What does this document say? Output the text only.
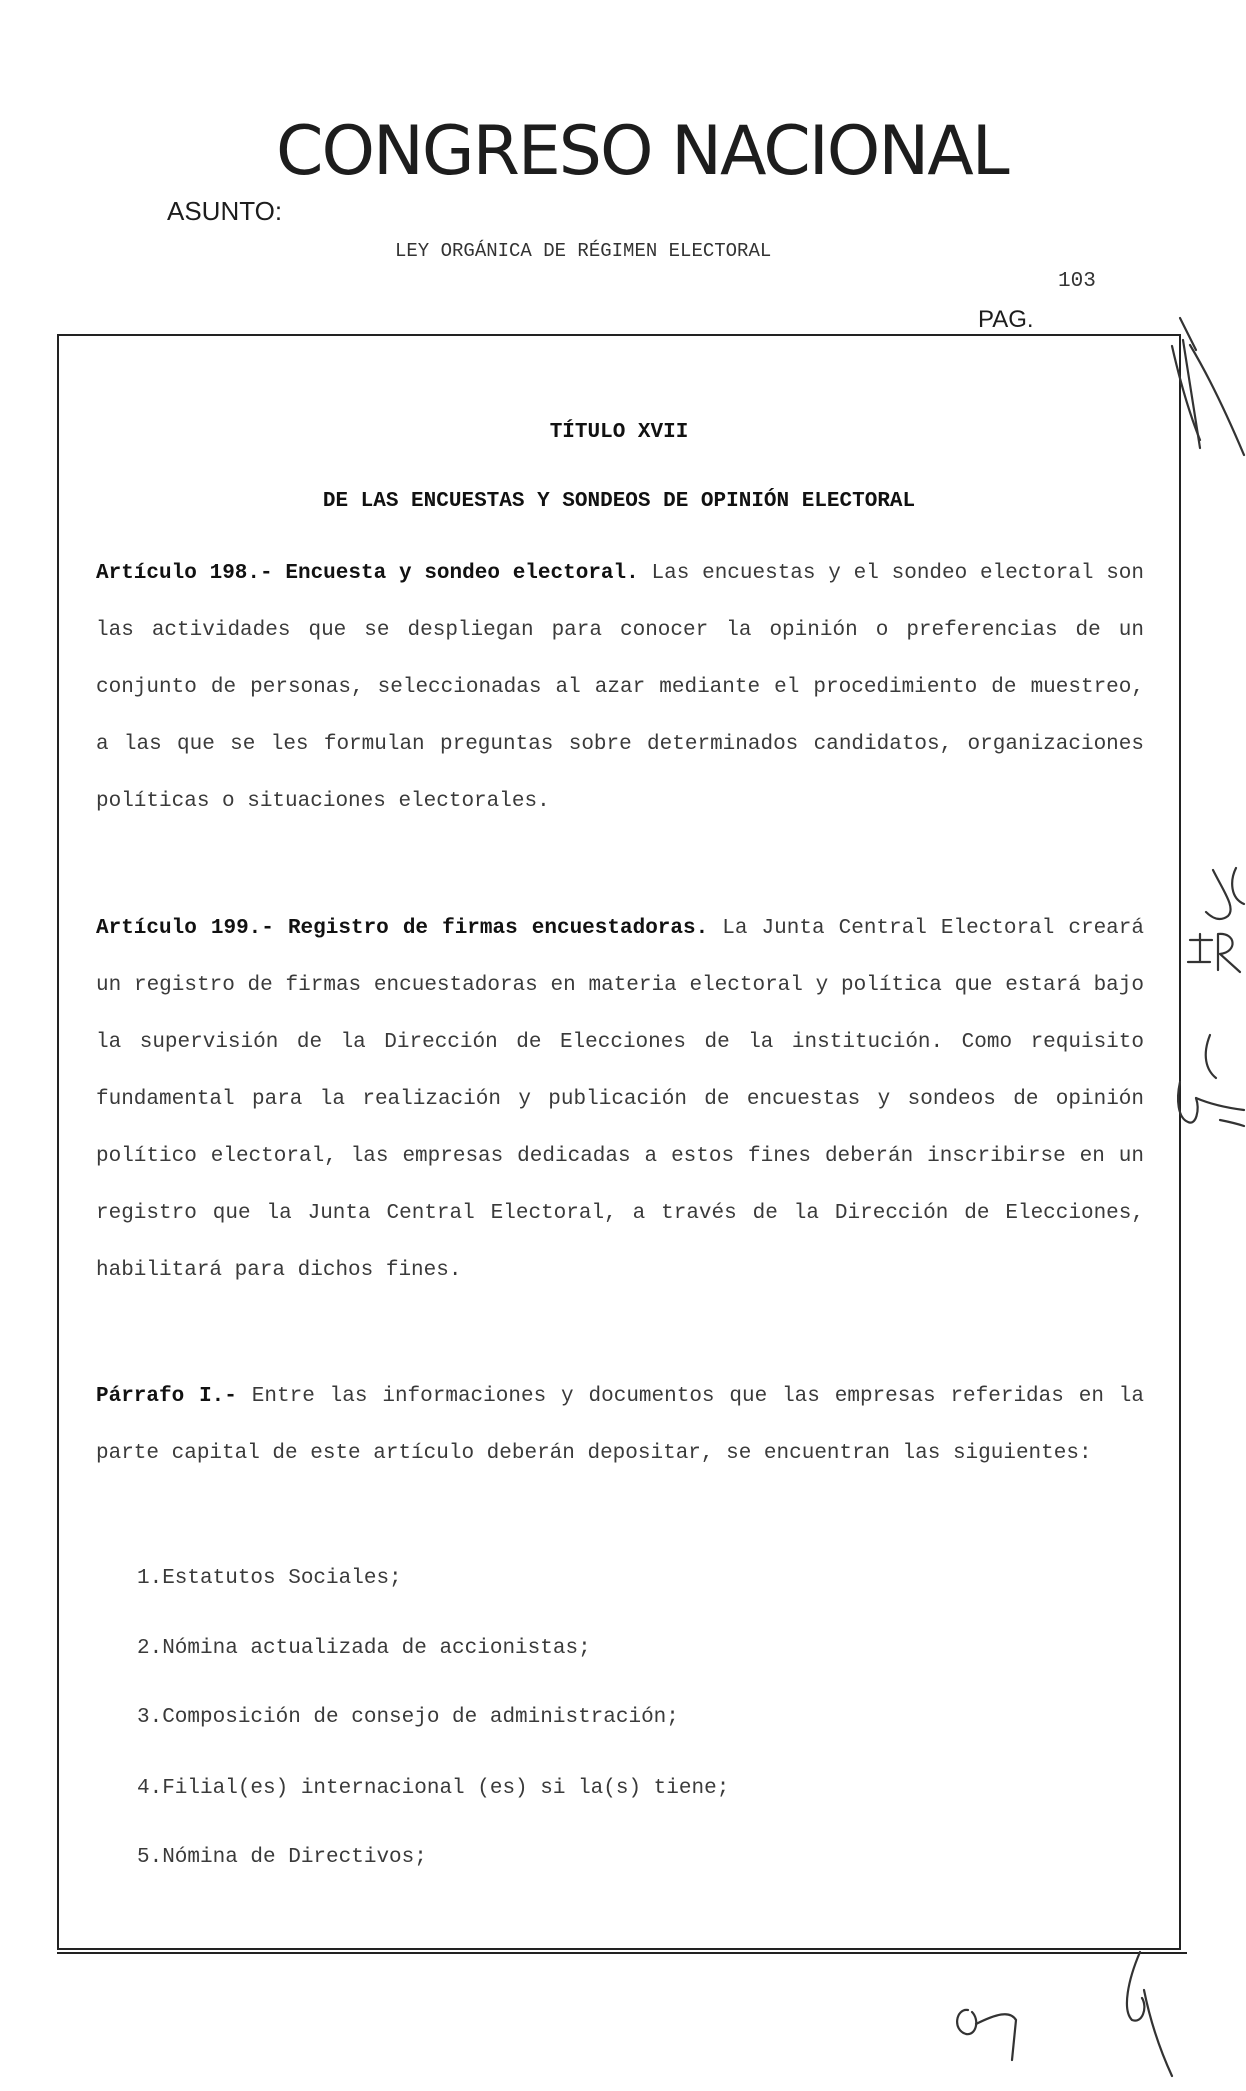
CONGRESO NACIONAL
ASUNTO:
LEY ORGÁNICA DE RÉGIMEN ELECTORAL
103
PAG.
TÍTULO XVII
DE LAS ENCUESTAS Y SONDEOS DE OPINIÓN ELECTORAL

Artículo 198.- Encuesta y sondeo electoral. Las encuestas y el sondeo electoral son las actividades que se despliegan para conocer la opinión o preferencias de un conjunto de personas, seleccionadas al azar mediante el procedimiento de muestreo, a las que se les formulan preguntas sobre determinados candidatos, organizaciones políticas o situaciones electorales.

Artículo 199.- Registro de firmas encuestadoras. La Junta Central Electoral creará un registro de firmas encuestadoras en materia electoral y política que estará bajo la supervisión de la Dirección de Elecciones de la institución. Como requisito fundamental para la realización y publicación de encuestas y sondeos de opinión político electoral, las empresas dedicadas a estos fines deberán inscribirse en un registro que la Junta Central Electoral, a través de la Dirección de Elecciones, habilitará para dichos fines.

Párrafo I.- Entre las informaciones y documentos que las empresas referidas en la parte capital de este artículo deberán depositar, se encuentran las siguientes:

1.Estatutos Sociales;
2.Nómina actualizada de accionistas;
3.Composición de consejo de administración;
4.Filial(es) internacional (es) si la(s) tiene;
5.Nómina de Directivos;
